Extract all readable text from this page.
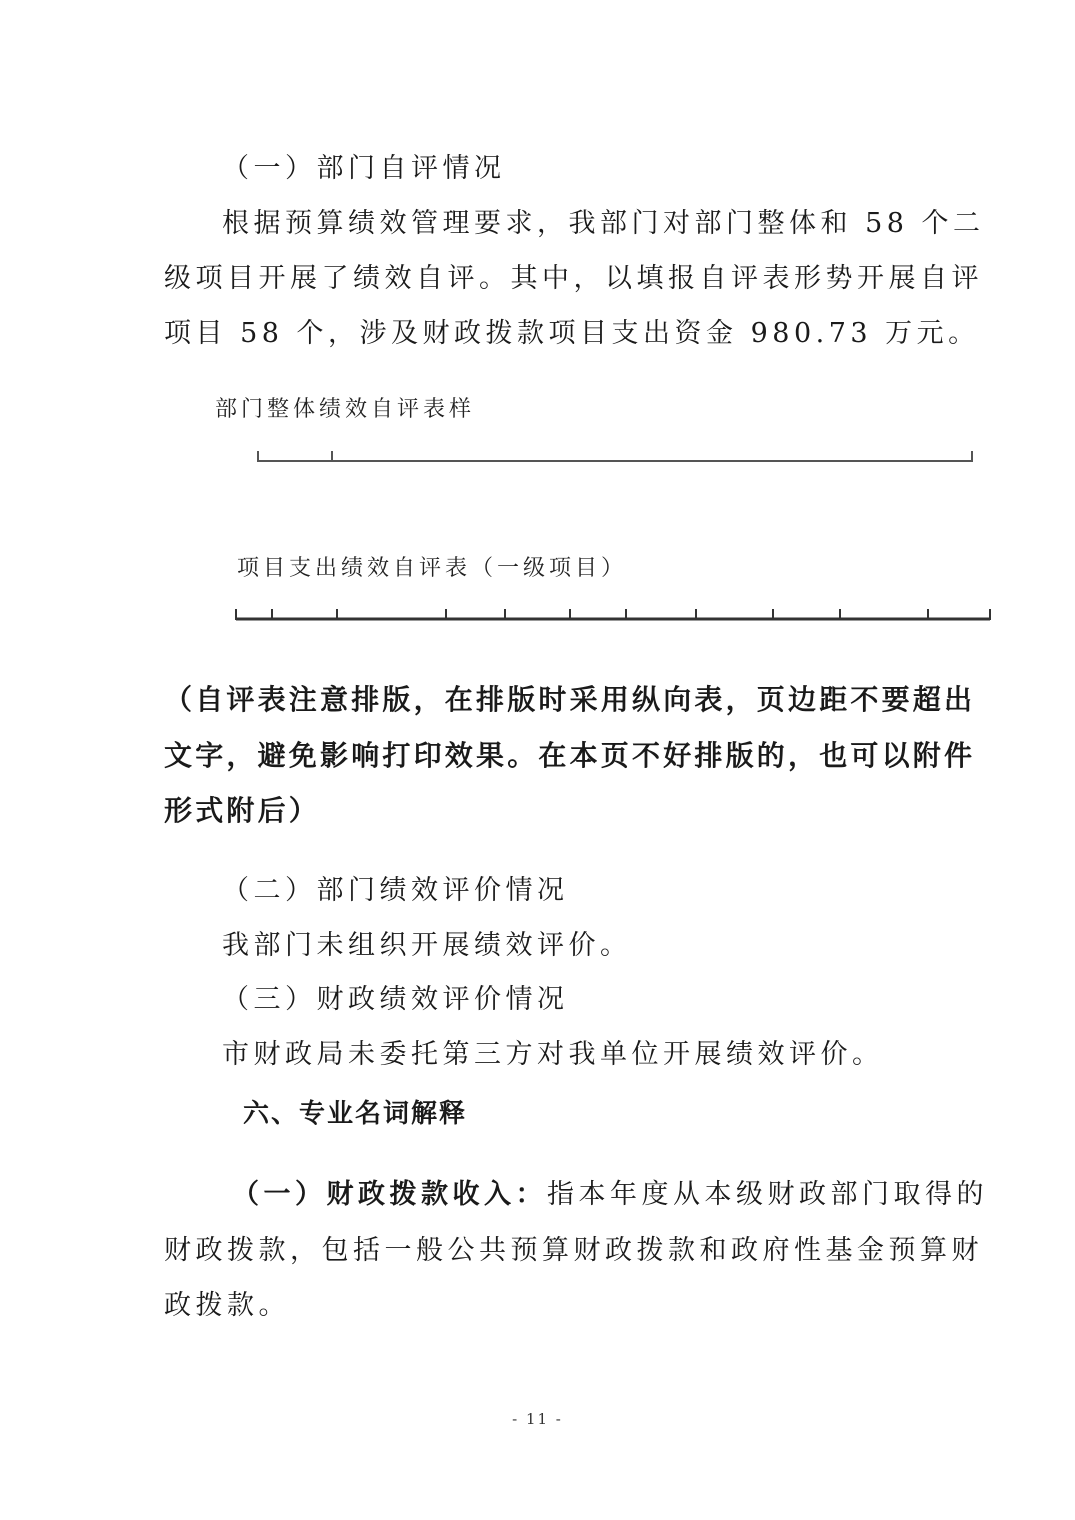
（一）部门自评情况

根据预算绩效管理要求，我部门对部门整体和 58 个二

级项目开展了绩效自评。其中，以填报自评表形势开展自评

项目 58 个，涉及财政拨款项目支出资金 980.73 万元。

部门整体绩效自评表样

项目支出绩效自评表（一级项目）

（自评表注意排版，在排版时采用纵向表，页边距不要超出

文字，避免影响打印效果。在本页不好排版的，也可以附件

形式附后）

（二）部门绩效评价情况

我部门未组织开展绩效评价。

（三）财政绩效评价情况

市财政局未委托第三方对我单位开展绩效评价。

六、专业名词解释

（一）财政拨款收入：指本年度从本级财政部门取得的

财政拨款，包括一般公共预算财政拨款和政府性基金预算财

政拨款。

- 11 -
